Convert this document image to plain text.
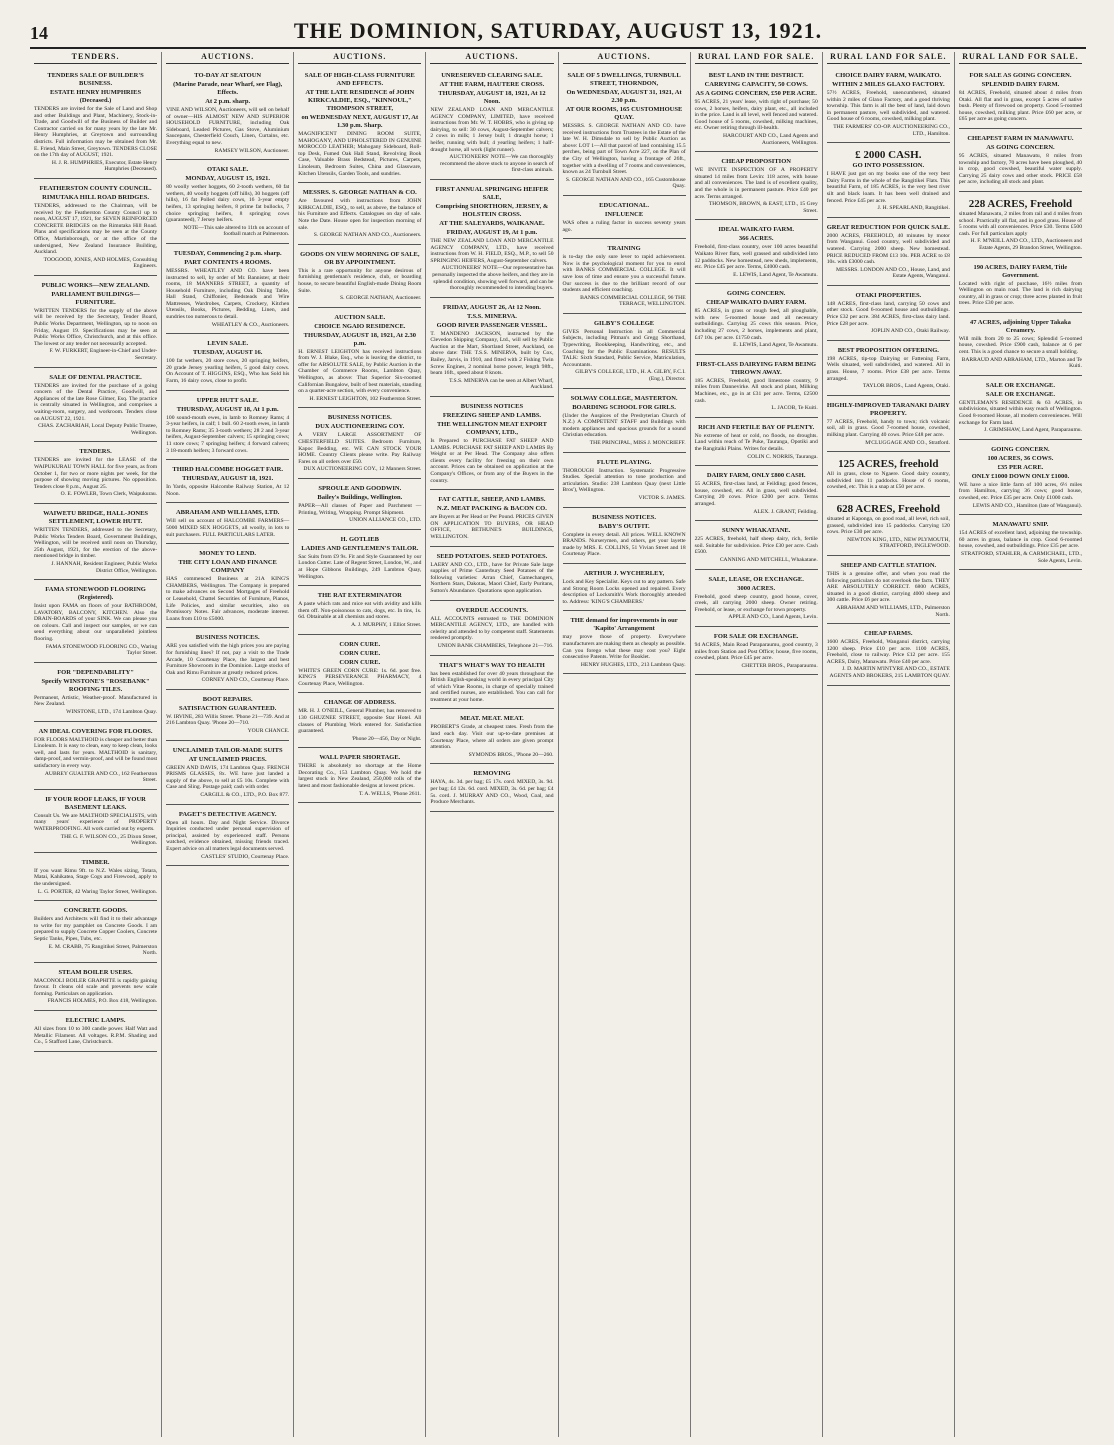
14	THE DOMINION, SATURDAY, AUGUST 13, 1921.
TENDERS.
TENDERS SALE OF BUILDER'S BUSINESS.
ESTATE HENRY HUMPHRIES (Deceased.)
TENDERS are invited for the Sale of Land and Shop and other Buildings and Plant, Machinery, Stock-in-Trade, and Goodwill of the Business of Builder and Contractor carried on for many years by the late Mr. Henry Humphries, at Greytown and surrounding districts. Full information may be obtained from Mr. E. Friend, Main Street, Greytown. TENDERS CLOSE on the 17th day of AUGUST, 1921.
H. J. R. HUMPHRIES, Executor, Estate Henry Humphries (Deceased).
FEATHERSTON COUNTY COUNCIL.
RIMUTAKA HILL ROAD BRIDGES.
TENDERS, addressed to the Chairman, will be received by the Featherston County Council up to noon, AUGUST 17, 1921, for SEVEN REINFORCED CONCRETE BRIDGES on the Rimutaka Hill Road. Plans and specifications may be seen at the County Office, Martinborough, or at the office of the undersigned, New Zealand Insurance Building, Auckland.
TOOGOOD, JONES, AND HOLMES, Consulting Engineers.
PUBLIC WORKS—NEW ZEALAND.
PARLIAMENT BUILDINGS—FURNITURE.
WRITTEN TENDERS for the supply of the above will be received by the Secretary, Tender Board, Public Works Department, Wellington, up to noon on Friday, August 19. Specifications may be seen at Public Works Office, Christchurch, and at this office. The lowest or any tender not necessarily accepted.
F. W. FURKERT, Engineer-in-Chief and Under-Secretary.
SALE OF DENTAL PRACTICE.
TENDERS are invited for the purchase of a going concern of the Dental Practice, Goodwill, and Appliances of the late Rose Gilmer, Esq. The practice is centrally situated in Wellington, and comprises a waiting-room, surgery, and workroom. Tenders close on AUGUST 22, 1921.
CHAS. ZACHARIAH, Local Deputy Public Trustee, Wellington.
TENDERS.
TENDERS are invited for the LEASE of the WAIPUKURAU TOWN HALL for five years, as from October 1, for two or more nights per week, for the purpose of showing moving pictures. No opposition. Tenders close 8 p.m., August 25.
O. E. FOWLER, Town Clerk, Waipukurau.
WAIWETU BRIDGE, HALL-JONES SETTLEMENT, LOWER HUTT.
WRITTEN TENDERS, addressed to the Secretary, Public Works Tenders Board, Government Buildings, Wellington, will be received until noon on Thursday, 25th August, 1921, for the erection of the above-mentioned bridge in timber.
J. HANNAH, Resident Engineer, Public Works District Office, Wellington.
FAMA STONEWOOD FLOORING (Registered).
Insist upon FAMA on floors of your BATHROOM, LAVATORY, BALCONY, KITCHEN. Also the DRAIN-BOARDS of your SINK. We can please you on colours. Call and inspect our samples, or we can send everything about our unparalleled jointless flooring.
FAMA STONEWOOD FLOORING CO., Waring Taylor Street.
FOR "DEPENDABILITY"
Specify WINSTONE'S "ROSEBANK" ROOFING TILES.
Permanent, Artistic, Weather-proof. Manufactured in New Zealand.
WINSTONE, LTD., 174 Lambton Quay.
AN IDEAL COVERING FOR FLOORS.
FOR FLOORS MALTHOID is cheaper and better than Linoleum. It is easy to clean, easy to keep clean, looks well, and lasts for years. MALTHOID is sanitary, damp-proof, and vermin-proof, and will be found most satisfactory in every way.
AUBREY GUALTER AND CO., 162 Featherston Street.
IF YOUR ROOF LEAKS, IF YOUR BASEMENT LEAKS.
Consult Us. We are MALTHOID SPECIALISTS, with many years' experience of PROPERTY WATERPROOFING. All work carried out by experts.
THE G. F. WILSON CO., 25 Dixon Street, Wellington.
TIMBER.
If you want Rimu 9ft. to N.Z. Wales sizing, Totara, Matai, Kahikatea, Stage Cogs and Firewood, apply to the undersigned.
L. G. PORTER, 42 Waring Taylor Street, Wellington.
CONCRETE GOODS.
Builders and Architects will find it to their advantage to write for my pamphlet on Concrete Goods. I am prepared to supply Concrete Copper Coolers, Concrete Septic Tanks, Pipes, Tubs, etc.
E. M. CRABB, 75 Rangitikei Street, Palmerston North.
STEAM BOILER USERS.
MACONOLI BOILER GRAPHITE is rapidly gaining favour. It cleans old scale and prevents new scale forming. Particulars on application.
FRANCIS HOLMES, P.O. Box 418, Wellington.
ELECTRIC LAMPS.
All sizes from 10 to 300 candle power. Half Watt and Metallic Filament. All voltages. R.P.M. Shading and Co., 5 Stafford Lane, Christchurch.
AUCTIONS.
TO-DAY AT SEATOUN
(Marine Parade, near Wharf, see Flag), Effects.
At 2 p.m. sharp.
VINE AND WILSON, Auctioneers, will sell on behalf of owner—HIS ALMOST NEW AND SUPERIOR HOUSEHOLD FURNITURE, including Oak Sideboard, Leaded Pictures, Gas Stove, Aluminium Saucepans, Chesterfield Couch, Linen, Curtains, etc. Everything equal to new.
RAMSEY WILSON, Auctioneer.
OTAKI SALE.
MONDAY, AUGUST 15, 1921.
80 woolly wether hoggets, 60 2-tooth wethers, 60 fat wethers, 40 woolly hoggets (off hills), 30 hoggets (off hills), 16 fat Polled dairy cows, 16 3-year empty heifers, 13 springing heifers, 8 prime fat bullocks, 7 choice springing heifers, 8 springing cows (guaranteed), 7 Jersey heifers.
NOTE—This sale altered to 11th on account of football match at Palmerston.
TUESDAY, Commencing 2 p.m. sharp.
PART CONTENTS 4 ROOMS.
MESSRS. WHEATLEY AND CO. have been instructed to sell, by order of Mr. Bannister, at their rooms, 18 MANNERS STREET, a quantity of Household Furniture, including Oak Dining Table, Hall Stand, Chiffonier, Bedsteads and Wire Mattresses, Wardrobes, Carpets, Crockery, Kitchen Utensils, Books, Pictures, Bedding, Linen, and sundries too numerous to detail.
WHEATLEY & CO., Auctioneers.
LEVIN SALE.
TUESDAY, AUGUST 16.
100 fat wethers, 20 store cows, 20 springing heifers, 20 grade Jersey yearling heifers, 5 good dairy cows. On Account of T. HIGGINS, ESQ., Who has Sold his Farm, 16 dairy cows, close to profit.
UPPER HUTT SALE.
THURSDAY, AUGUST 18, At 1 p.m.
100 sound-mouth ewes, in lamb to Romney Rams; 4 3-year heifers, in calf; 1 bull. 60 2-tooth ewes, in lamb to Romney Rams; 35 3-tooth wethers; 28 2 and 3-year heifers, August-September calvers; 15 springing cows; 11 store cows; 7 springing heifers; 4 forward calvers; 3 18-month heifers; 3 forward cows.
THIRD HALCOMBE HOGGET FAIR.
THURSDAY, AUGUST 18, 1921.
In Yards, opposite Halcombe Railway Station, At 12 Noon.
ABRAHAM AND WILLIAMS, LTD.
Will sell on account of HALCOMBE FARMERS— 5000 MIXED SEX HOGGETS, all woolly, in lots to suit purchasers. FULL PARTICULARS LATER.
MONEY TO LEND.
THE CITY LOAN AND FINANCE COMPANY
HAS commenced Business at 21A KING'S CHAMBERS, Wellington. The Company is prepared to make advances on Second Mortgages of Freehold or Leasehold, Chattel Securities of Furniture, Pianos, Life Policies, and similar securities, also on Promissory Notes. Fair advances, moderate interest. Loans from £10 to £5000.
BUSINESS NOTICES.
ARE you satisfied with the high prices you are paying for furnishing lines? If not, pay a visit to the Trade Arcade, 10 Courtenay Place, the largest and best Furniture Showroom in the Dominion. Large stocks of Oak and Rimu Furniture at greatly reduced prices.
CORNEY AND CO., Courtenay Place.
BOOT REPAIRS.
SATISFACTION GUARANTEED.
W. IRVINE, 283 Willis Street. 'Phone 21—739. And at 216 Lambton Quay. 'Phone 20—710.
YOUR CHANCE.
UNCLAIMED TAILOR-MADE SUITS
AT UNCLAIMED PRICES.
GREEN AND DAVIS, 174 Lambton Quay. FRENCH PRISMS GLASSES, 8x. WE have just landed a supply of the above, to sell at £5 10s. Complete with Case and Sling. Postage paid; cash with order.
CARGILL & CO., LTD., P.O. Box 877.
PAGET'S DETECTIVE AGENCY.
Open all hours. Day and Night Service. Divorce Inquiries conducted under personal supervision of principal, assisted by experienced staff. Persons watched, evidence obtained, missing friends traced. Expert advice on all matters legal documents served.
CASTLES' STUDIO, Courtenay Place.
AUCTIONS.
SALE OF HIGH-CLASS FURNITURE AND EFFECTS.
AT THE LATE RESIDENCE of JOHN KIRKCALDIE, ESQ., "KINNOUL," THOMPSON STREET,
on WEDNESDAY NEXT, AUGUST 17, At 1.30 p.m. Sharp.
MAGNIFICENT DINING ROOM SUITE, MAHOGANY, AND UPHOLSTERED IN GENUINE MOROCCO LEATHER; Mahogany Sideboard, Roll-top Desk, Fumed Oak Hall Stand, Revolving Book Case, Valuable Brass Bedstead, Pictures, Carpets, Linoleum, Bedroom Suites, China and Glassware, Kitchen Utensils, Garden Tools, and sundries.
MESSRS. S. GEORGE NATHAN & CO.
Are favoured with instructions from JOHN KIRKCALDIE, ESQ., to sell, as above, the balance of his Furniture and Effects. Catalogues on day of sale. Note the Date. House open for inspection morning of sale.
S. GEORGE NATHAN AND CO., Auctioneers.
GOODS ON VIEW MORNING OF SALE, OR BY APPOINTMENT.
This is a rare opportunity for anyone desirous of furnishing gentleman's residence, club, or boarding house, to secure beautiful English-made Dining Room Suite.
S. GEORGE NATHAN, Auctioneer.
AUCTION SALE.
CHOICE NGAIO RESIDENCE.
THURSDAY, AUGUST 18, 1921, At 2.30 p.m.
H. ERNEST LEIGHTON has received instructions from W. J. Blake, Esq., who is leaving the district, to offer for ABSOLUTE SALE, by Public Auction in the Chamber of Commerce Rooms, Lambton Quay, Wellington, as above: That Superior Six-roomed Californian Bungalow, built of best materials, standing on a quarter-acre section, with every convenience.
H. ERNEST LEIGHTON, 102 Featherston Street.
BUSINESS NOTICES.
DUX AUCTIONEERING COY.
A VERY LARGE ASSORTMENT OF CHESTERFIELD SUITES. Bedroom Furniture, Kapoc Bedding, etc. WE CAN STOCK YOUR HOME. Country Clients please write. Pay Railway Fares on all orders over £50.
DUX AUCTIONEERING COY., 12 Manners Street.
SPROULE AND GOODWIN.
Bailey's Buildings, Wellington.
PAPER—All classes of Paper and Parchment — Printing, Writing, Wrapping. Prompt Shipment.
UNION ALLIANCE CO., LTD.
H. GOTLIEB
LADIES AND GENTLEMEN'S TAILOR.
Sac Suits from £9 9s. Fit and Style Guaranteed by our London Cutter. Late of Regent Street, London, W., and at Hope Gibbons Buildings, 249 Lambton Quay, Wellington.
THE RAT EXTERMINATOR
A paste which rats and mice eat with avidity and kills them off. Non-poisonous to cats, dogs, etc. In tins, 1s. 6d. Obtainable at all chemists and stores.
A. J. MURPHY, 1 Elliot Street.
CORN CURE.
CORN CURE.
CORN CURE.
WHITE'S GREEN CORN CURE: 1s. 6d. post free. KING'S PERSEVERANCE PHARMACY, 4 Courtenay Place, Wellington.
CHANGE OF ADDRESS.
MR. H. J. O'NEILL, General Plumber, has removed to 130 GHUZNEE STREET, opposite Star Hotel. All classes of Plumbing Work entered for. Satisfaction guaranteed.
'Phone 20—456, Day or Night.
WALL PAPER SHORTAGE.
THERE is absolutely no shortage at the Home Decorating Co., 153 Lambton Quay. We hold the largest stock in New Zealand, 250,000 rolls of the latest and most fashionable designs at lowest prices.
T. A. WELLS, 'Phone 2611.
AUCTIONS.
UNRESERVED CLEARING SALE.
AT THE FARM, HAUTERE CROSS.
THURSDAY, AUGUST 18, 1921, At 12 Noon.
NEW ZEALAND LOAN AND MERCANTILE AGENCY COMPANY, LIMITED, have received instructions from Mr. W. T. HOBBS, who is giving up dairying, to sell: 30 cows, August-September calvers; 2 cows in milk; 1 Jersey bull; 1 draught horse; 1 heifer, running with bull; 4 yearling heifers; 1 half-draught horse, all work (light runner).
AUCTIONEERS' NOTE—We can thoroughly recommend the above stock to anyone in search of first-class animals.
FIRST ANNUAL SPRINGING HEIFER SALE,
Comprising SHORTHORN, JERSEY, & HOLSTEIN CROSS.
AT THE SALEYARDS, WAIKANAE.
FRIDAY, AUGUST 19, At 1 p.m.
THE NEW ZEALAND LOAN AND MERCANTILE AGENCY COMPANY, LTD., have received instructions from W. H. FIELD, ESQ., M.P., to sell 50 SPRINGING HEIFERS, August-September calvers.
AUCTIONEERS' NOTE—Our representative has personally inspected the above heifers, and they are in splendid condition, showing well forward, and can be thoroughly recommended to intending buyers.
FRIDAY, AUGUST 26, At 12 Noon.
T.S.S. MINERVA.
GOOD RIVER PASSENGER VESSEL.
T. MANDENO JACKSON, instructed by the Clevedon Shipping Company, Ltd., will sell by Public Auction at the Mart, Shortland Street, Auckland, on above date: THE T.S.S. MINERVA, built by Cox, Bailey, Jarvis, in 1910, and fitted with 2 Fishing Twin Screw Engines, 2 nominal horse power, length 98ft., beam 16ft., speed about 8 knots.
T.S.S. MINERVA can be seen at Albert Wharf, Auckland.
BUSINESS NOTICES
FREEZING SHEEP AND LAMBS.
THE WELLINGTON MEAT EXPORT COMPANY, LTD.,
Is Prepared to PURCHASE FAT SHEEP AND LAMBS. PURCHASE FAT SHEEP AND LAMBS By Weight or at Per Head. The Company also offers clients every facility for freezing on their own account. Prices can be obtained on application at the Company's Offices, or from any of the Buyers in the country.
FAT CATTLE, SHEEP, AND LAMBS.
N.Z. MEAT PACKING & BACON CO.
are Buyers at Per Head or Per Pound. PRICES GIVEN ON APPLICATION TO BUYERS, OR HEAD OFFICE, BETHUNE'S BUILDINGS, WELLINGTON.
SEED POTATOES. SEED POTATOES.
LAERY AND CO., LTD., have for Private Sale large supplies of Prime Canterbury Seed Potatoes of the following varieties: Arran Chief, Gamechangers, Northern Stars, Dakotas, Maori Chief, Early Puritans, Sutton's Abundance. Quotations upon application.
OVERDUE ACCOUNTS.
ALL ACCOUNTS entrusted to THE DOMINION MERCANTILE AGENCY, LTD., are handled with celerity and attended to by competent staff. Statements rendered promptly.
UNION BANK CHAMBERS, Telephone 21—716.
THAT'S WHAT'S WAY TO HEALTH
has been established for over 40 years throughout the British English-speaking world in every principal City of which Vitae Rooms, in charge of specially trained and certified nurses, are established. You can call for treatment at your home.
MEAT. MEAT. MEAT.
PROBERT'S Grade, at cheapest rates. Fresh from the land each day. Visit our up-to-date premises at Courtenay Place, where all orders are given prompt attention.
SYMONDS BROS., 'Phone 20—260.
REMOVING
HAYA, 4s. 3d. per bag; £5 17s. cord. MIXED, 3s. 9d. per bag; £4 12s. 6d. cord. MIXED, 3s. 6d. per bag; £4 5s. cord. J. MURRAY AND CO., Wood, Coal, and Produce Merchants.
AUCTIONS.
SALE OF 5 DWELLINGS, TURNBULL STREET, THORNDON,
On WEDNESDAY, AUGUST 31, 1921, At 2.30 p.m.
AT OUR ROOMS, 165 CUSTOMHOUSE QUAY.
MESSRS. S. GEORGE NATHAN AND CO. have received instructions from Trustees in the Estate of the late W. H. Dimsdale to sell by Public Auction as above: LOT 1—All that parcel of land containing 15.5 perches, being part of Town Acre 227, on the Plan of the City of Wellington, having a frontage of 26ft., together with a dwelling of 7 rooms and conveniences, known as 24 Turnbull Street.
S. GEORGE NATHAN AND CO., 165 Customhouse Quay.
EDUCATIONAL.
INFLUENCE
WAS often a ruling factor in success seventy years ago.
TRAINING
is to-day the only sure lever to rapid achievement. Now is the psychological moment for you to enrol with BANKS COMMERCIAL COLLEGE. It will save loss of time and ensure you a successful future. Our success is due to the brilliant record of our students and efficient coaching.
BANKS COMMERCIAL COLLEGE, 96 THE TERRACE, WELLINGTON.
GILBY'S COLLEGE
GIVES Personal Instruction in all Commercial Subjects, including Pitman's and Gregg Shorthand, Typewriting, Bookkeeping, Handwriting, etc., and Coaching for the Public Examinations. RESULTS TALK: Sixth Standard, Public Service, Matriculation, Accountants.
GILBY'S COLLEGE, LTD., H. A. GILBY, F.C.I. (Eng.), Director.
SOLWAY COLLEGE, MASTERTON.
BOARDING SCHOOL FOR GIRLS.
(Under the Auspices of the Presbyterian Church of N.Z.) A COMPETENT STAFF and Buildings with modern appliances and spacious grounds for a sound Christian education.
THE PRINCIPAL, MISS J. MONCRIEFF.
FLUTE PLAYING.
THOROUGH Instruction. Systematic Progressive Studies. Special attention to tone production and articulation. Studio: 238 Lambton Quay (next Little Bros'), Wellington.
VICTOR S. JAMES.
BUSINESS NOTICES.
BABY'S OUTFIT.
Complete in every detail. All prices. WELL KNOWN BRANDS. Nurserymen, and others, get your layette made by MRS. E. COLLINS, 51 Vivian Street and 18 Courtenay Place.
ARTHUR J. WYCHERLEY,
Lock and Key Specialist. Keys cut to any pattern. Safe and Strong Room Locks opened and repaired. Every description of Locksmith's Work thoroughly attended to. Address: 'KING'S CHAMBERS.'
THE demand for improvements in our 'Kapito' Arrangement
may prove those of property. Everywhere manufacturers are making them as cheaply as possible. Can you forego what these may cost you? Eight consecutive Patents. Write for Booklet.
HENRY HUGHES, LTD., 213 Lambton Quay.
RURAL LAND FOR SALE.
BEST LAND IN THE DISTRICT.
CARRYING CAPACITY, 50 COWS.
AS A GOING CONCERN, £50 PER ACRE.
95 ACRES, 21 years' lease, with right of purchase; 50 cows, 2 horses, heifers, dairy plant, etc., all included in the price. Land is all level, well fenced and watered. Good house of 5 rooms, cowshed, milking machines, etc. Owner retiring through ill-health.
HARCOURT AND CO., Land Agents and Auctioneers, Wellington.
CHEAP PROPOSITION
WE INVITE INSPECTION OF A PROPERTY situated 14 miles from Levin: 118 acres, with house and all conveniences. The land is of excellent quality, and the whole is in permanent pasture. Price £40 per acre. Terms arranged.
THOMSON, BROWN, & EAST, LTD., 15 Grey Street.
IDEAL WAIKATO FARM.
366 ACRES.
Freehold, first-class country, over 100 acres beautiful Waikato River flats, well grassed and subdivided into 12 paddocks. New homestead, new sheds, implements, etc. Price £45 per acre. Terms, £4000 cash.
E. LEWIS, Land Agent, Te Awamutu.
GOING CONCERN.
CHEAP WAIKATO DAIRY FARM.
85 ACRES, in grass or rough feed, all ploughable, with new 5-roomed house and all necessary outbuildings. Carrying 25 cows this season. Price, including 27 cows, 2 horses, implements and plant, £47 10s. per acre. £1750 cash.
E. LEWIS, Land Agent, Te Awamutu.
FIRST-CLASS DAIRYING FARM BEING THROWN AWAY.
185 ACRES, Freehold, good limestone country, 9 miles from Dannevirke. All stock and plant, Milking Machines, etc., go in at £31 per acre. Terms, £2500 cash.
L. JACOB, Te Kuiti.
RICH AND FERTILE BAY OF PLENTY.
No extreme of heat or cold, no floods, no droughts. Land within reach of Te Puke, Tauranga, Opotiki and the Rangitaiki Plains. Writes for details.
COLIN C. NORRIS, Tauranga.
DAIRY FARM, ONLY £800 CASH.
55 ACRES, first-class land, at Feilding; good fences, house, cowshed, etc. All in grass, well subdivided. Carrying 20 cows. Price £200 per acre. Terms arranged.
ALEX. J. GRANT, Feilding.
SUNNY WHAKATANE.
225 ACRES, freehold, half sheep dairy, rich, fertile soil. Suitable for subdivision. Price £30 per acre. Cash £500.
CANNING AND MITCHELL, Whakatane.
SALE, LEASE, OR EXCHANGE.
3000 ACRES.
Freehold, good sheep country, good house, cover, creek, all carrying 2000 sheep. Owner retiring. Freehold, or lease, or exchange for town property.
APPLE AND CO., Land Agents, Levin.
FOR SALE OR EXCHANGE.
94 ACRES, Main Road Paraparaumu, good country, 3 miles from Station and Post Office; house, five rooms, cowshed, plant. Price £45 per acre.
CHETTER BROS., Paraparaumu.
RURAL LAND FOR SALE.
CHOICE DAIRY FARM, WAIKATO.
WITHIN 2 MILES GLAXO FACTORY.
57½ ACRES, Freehold, unencumbered, situated within 2 miles of Glaxo Factory, and a good thriving township. This farm is all the best of land, laid down in permanent pasture, well subdivided, and watered. Good house of 6 rooms, cowshed, milking plant.
THE FARMERS' CO-OP. AUCTIONEERING CO., LTD., Hamilton.
£ 2000 CASH.
GO INTO POSSESSION.
I HAVE just got on my books one of the very best Dairy Farms in the whole of the Rangitikei Flats. This beautiful Farm, of 185 ACRES, is the very best river silt and black loam. It has been well drained and fenced. Price £45 per acre.
J. H. SPEARLAND, Rangitikei.
GREAT REDUCTION FOR QUICK SALE.
2000 ACRES, FREEHOLD, 40 minutes by motor from Wanganui. Good country, well subdivided and watered. Carrying 2000 sheep. New homestead. PRICE REDUCED FROM £13 10s. PER ACRE to £8 10s. with £3000 cash.
MESSRS. LONDON AND CO., House, Land, and Estate Agents, Wanganui.
OTAKI PROPERTIES.
148 ACRES, first-class land, carrying 50 cows and other stock. Good 6-roomed house and outbuildings. Price £32 per acre. 384 ACRES, first-class dairy land. Price £28 per acre.
JOPLIN AND CO., Otaki Railway.
BEST PROPOSITION OFFERING.
198 ACRES, tip-top Dairying or Fattening Farm, Wells situated, well subdivided, and watered. All in grass. House, 7 rooms. Price £38 per acre. Terms arranged.
TAYLOR BROS., Land Agents, Otaki.
HIGHLY-IMPROVED TARANAKI DAIRY PROPERTY.
77 ACRES, Freehold, handy to town; rich volcanic soil, all in grass. Good 7-roomed house, cowshed, milking plant. Carrying 40 cows. Price £48 per acre.
M'CLUGGAGE AND CO., Stratford.
125 ACRES, freehold
All in grass, close to Ngaere. Good dairy country, subdivided into 11 paddocks. House of 6 rooms, cowshed, etc. This is a snap at £50 per acre.
628 ACRES, Freehold
situated at Kaponga, on good road, all level, rich soil, grassed, subdivided into 15 paddocks. Carrying 120 cows. Price £30 per acre.
NEWTON KING, LTD., NEW PLYMOUTH, STRATFORD, INGLEWOOD.
SHEEP AND CATTLE STATION.
THIS is a genuine offer, and when you read the following particulars do not overlook the facts. THEY ARE ABSOLUTELY CORRECT. 6800 ACRES, situated in a good district, carrying 4000 sheep and 300 cattle. Price £6 per acre.
ABRAHAM AND WILLIAMS, LTD., Palmerston North.
CHEAP FARMS.
1600 ACRES, Freehold, Wanganui district, carrying 1200 sheep. Price £10 per acre. 1100 ACRES, Freehold, close to railway. Price £12 per acre. 155 ACRES, Dairy, Manawatu. Price £40 per acre.
J. D. MARTIN M'INTYRE AND CO., ESTATE AGENTS AND BROKERS, 215 LAMBTON QUAY.
RURAL LAND FOR SALE.
FOR SALE AS GOING CONCERN.
SPLENDID DAIRY FARM.
84 ACRES, Freehold, situated about 4 miles from Otaki. All flat and in grass, except 5 acres of native bush. Plenty of firewood on property. Good 5-roomed house, cowshed, milking plant. Price £60 per acre, or £65 per acre as going concern.
CHEAPEST FARM IN MANAWATU.
AS GOING CONCERN.
95 ACRES, situated Manawatu, 8 miles from township and factory, 70 acres have been ploughed, 40 in crop, good cowshed, beautiful water supply. Carrying 25 dairy cows and other stock. PRICE £58 per acre, including all stock and plant.
228 ACRES, Freehold
situated Manawatu, 2 miles from rail and 4 miles from school. Practically all flat, and in good grass. House of 5 rooms with all conveniences. Price £30. Terms £500 cash. For full particulars apply
H. F. M'NEILL AND CO., LTD., Auctioneers and Estate Agents, 29 Brandon Street, Wellington.
190 ACRES, DAIRY FARM, Title Government.
Located with right of purchase, 16½ miles from Wellington on main road. The land is rich dairying country, all in grass or crop; three acres planted in fruit trees. Price £30 per acre.
47 ACRES, adjoining Upper Takaka Creamery.
Will milk from 20 to 25 cows; Splendid 5-roomed house, cowshed. Price £900 cash, balance at 6 per cent. This is a good chance to secure a small holding.
BARRAUD AND ABRAHAM, LTD., Marton and Te Kuiti.
SALE OR EXCHANGE.
SALE OR EXCHANGE.
GENTLEMAN'S RESIDENCE & 63 ACRES, in subdivisions, situated within easy reach of Wellington. Good 8-roomed House, all modern conveniences. Will exchange for Farm land.
J. GRIMSHAW, Land Agent, Paraparaumu.
GOING CONCERN.
100 ACRES, 36 COWS.
£35 PER ACRE.
ONLY £1000 DOWN ONLY £1000.
WE have a nice little farm of 100 acres, 6½ miles from Hamilton, carrying 36 cows; good house, cowshed, etc. Price £35 per acre. Only £1000 cash.
LEWIS AND CO., Hamilton (late of Wanganui).
MANAWATU SNIP.
154 ACRES of excellent land, adjoining the township. 60 acres in grass, balance in crop. Good 6-roomed house, cowshed, and outbuildings. Price £35 per acre.
STRATFORD, STAHLER, & CARMICHAEL, LTD., Sole Agents, Levin.
